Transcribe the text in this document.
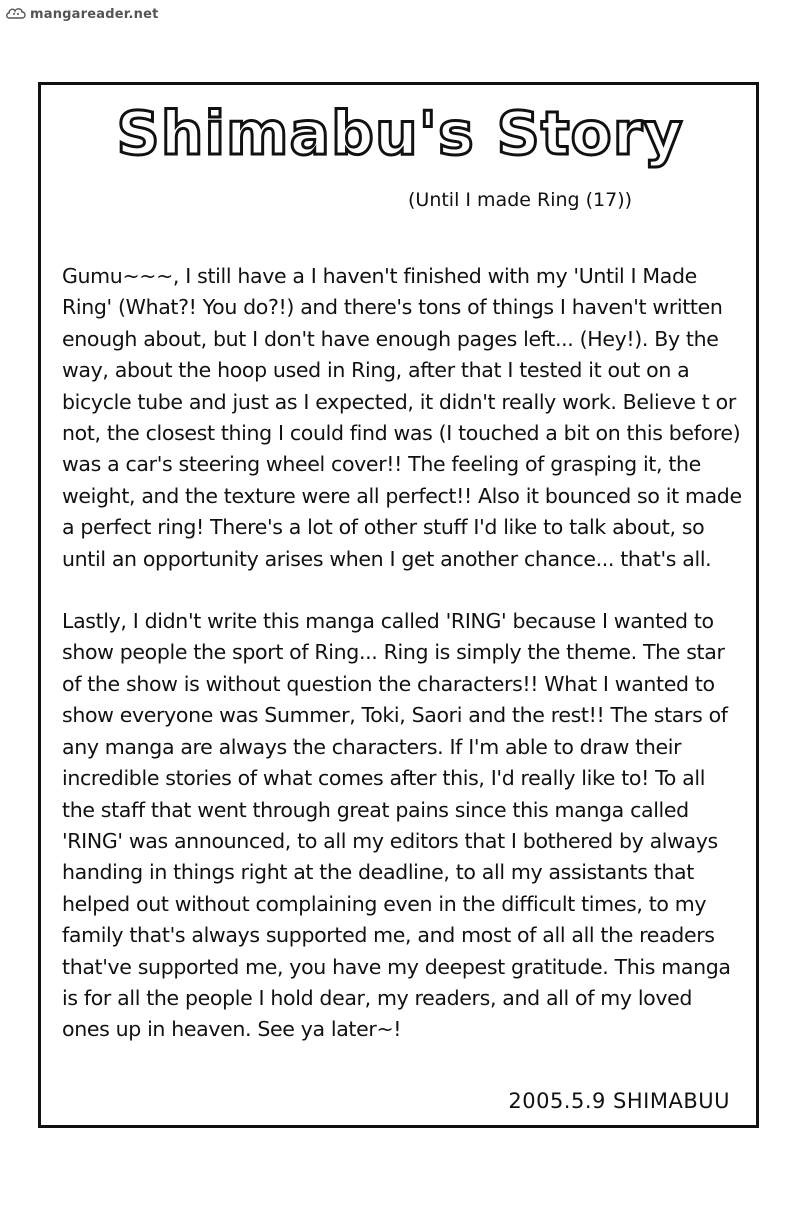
mangareader.net
Shimabu's Story

(Until I made Ring (17))

Gumu~~~, I still have a I haven't finished with my 'Until I Made Ring' (What?! You do?!) and there's tons of things I haven't written enough about, but I don't have enough pages left... (Hey!). By the way, about the hoop used in Ring, after that I tested it out on a bicycle tube and just as I expected, it didn't really work. Believe t or not, the closest thing I could find was (I touched a bit on this before) was a car's steering wheel cover!! The feeling of grasping it, the weight, and the texture were all perfect!! Also it bounced so it made a perfect ring! There's a lot of other stuff I'd like to talk about, so until an opportunity arises when I get another chance... that's all.

Lastly, I didn't write this manga called 'RING' because I wanted to show people the sport of Ring... Ring is simply the theme. The star of the show is without question the characters!! What I wanted to show everyone was Summer, Toki, Saori and the rest!! The stars of any manga are always the characters. If I'm able to draw their incredible stories of what comes after this, I'd really like to! To all the staff that went through great pains since this manga called 'RING' was announced, to all my editors that I bothered by always handing in things right at the deadline, to all my assistants that helped out without complaining even in the difficult times, to my family that's always supported me, and most of all all the readers that've supported me, you have my deepest gratitude. This manga is for all the people I hold dear, my readers, and all of my loved ones up in heaven. See ya later~!

2005.5.9 SHIMABUU
